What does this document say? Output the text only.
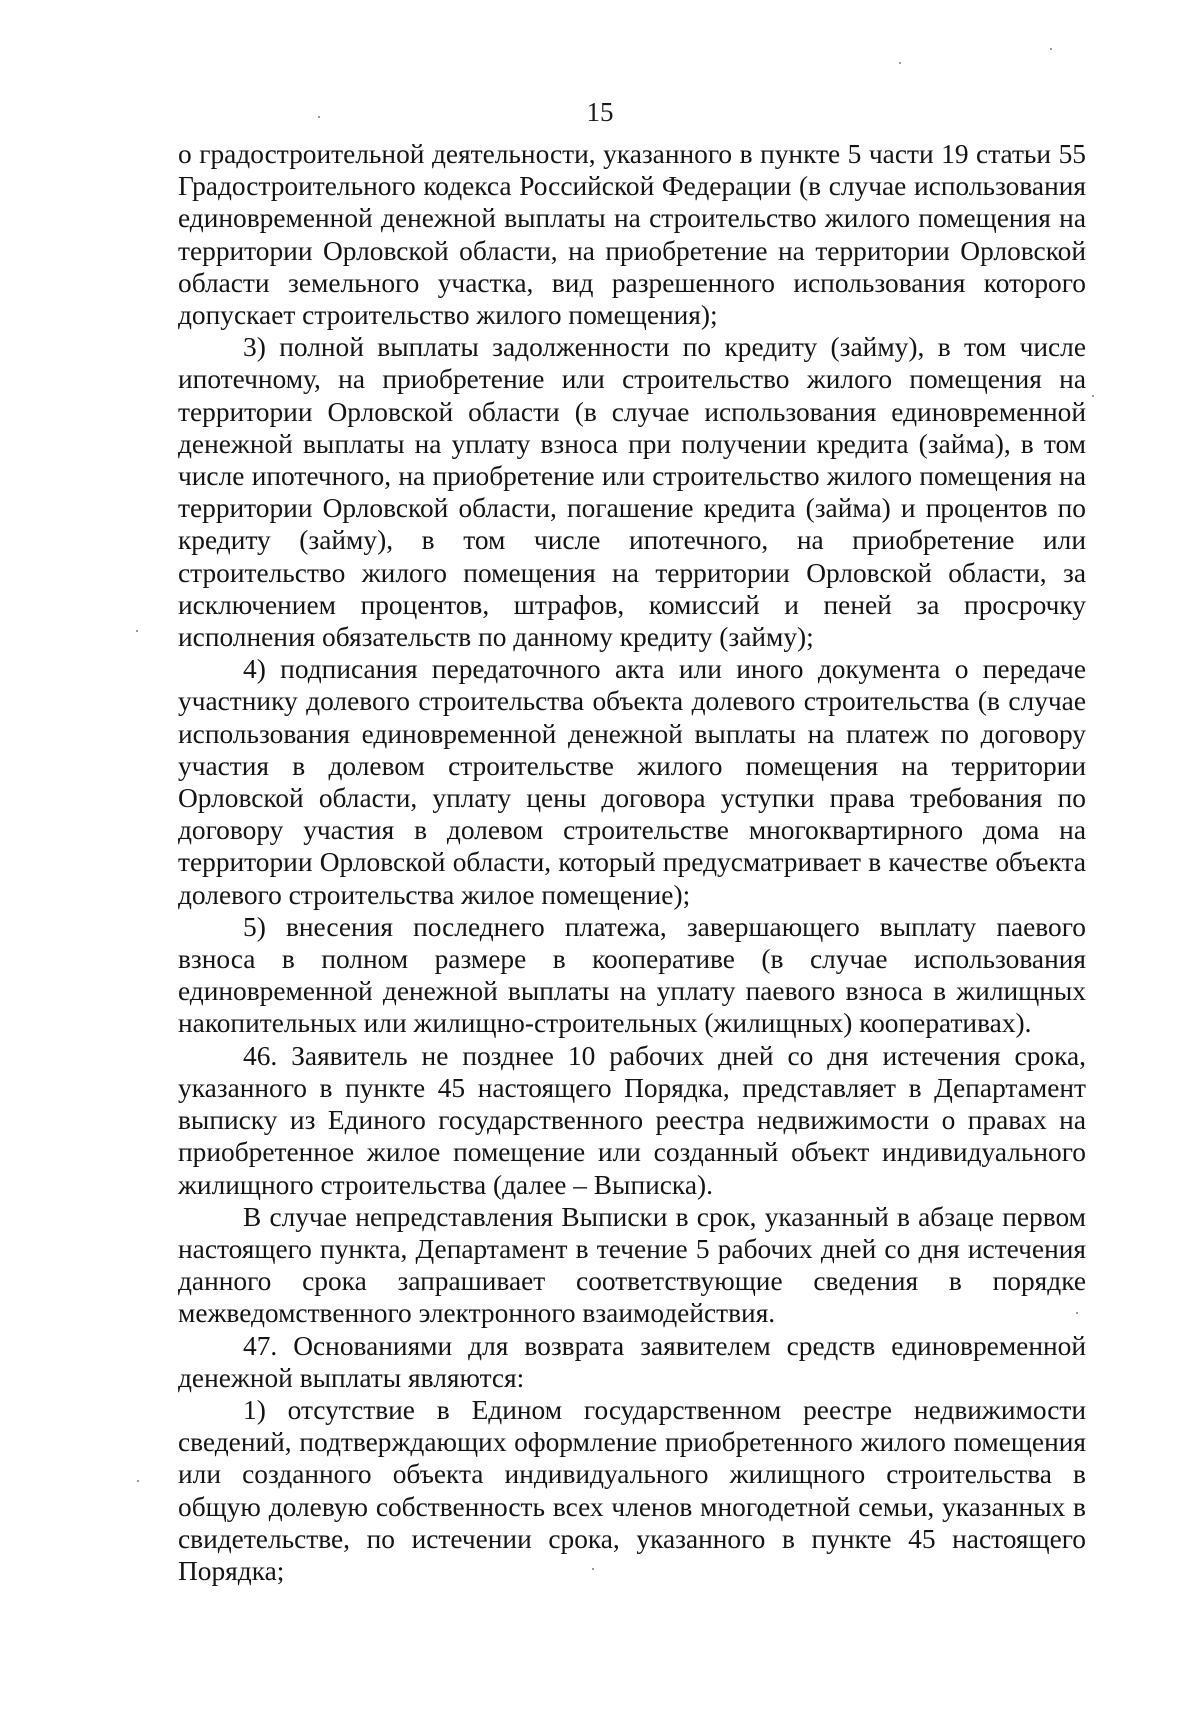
15

о градостроительной деятельности, указанного в пункте 5 части 19 статьи 55 Градостроительного кодекса Российской Федерации (в случае использования единовременной денежной выплаты на строительство жилого помещения на территории Орловской области, на приобретение на территории Орловской области земельного участка, вид разрешенного использования которого допускает строительство жилого помещения);

3) полной выплаты задолженности по кредиту (займу), в том числе ипотечному, на приобретение или строительство жилого помещения на территории Орловской области (в случае использования единовременной денежной выплаты на уплату взноса при получении кредита (займа), в том числе ипотечного, на приобретение или строительство жилого помещения на территории Орловской области, погашение кредита (займа) и процентов по кредиту (займу), в том числе ипотечного, на приобретение или строительство жилого помещения на территории Орловской области, за исключением процентов, штрафов, комиссий и пеней за просрочку исполнения обязательств по данному кредиту (займу);

4) подписания передаточного акта или иного документа о передаче участнику долевого строительства объекта долевого строительства (в случае использования единовременной денежной выплаты на платеж по договору участия в долевом строительстве жилого помещения на территории Орловской области, уплату цены договора уступки права требования по договору участия в долевом строительстве многоквартирного дома на территории Орловской области, который предусматривает в качестве объекта долевого строительства жилое помещение);

5) внесения последнего платежа, завершающего выплату паевого взноса в полном размере в кооперативе (в случае использования единовременной денежной выплаты на уплату паевого взноса в жилищных накопительных или жилищно-строительных (жилищных) кооперативах).

46. Заявитель не позднее 10 рабочих дней со дня истечения срока, указанного в пункте 45 настоящего Порядка, представляет в Департамент выписку из Единого государственного реестра недвижимости о правах на приобретенное жилое помещение или созданный объект индивидуального жилищного строительства (далее – Выписка).

В случае непредставления Выписки в срок, указанный в абзаце первом настоящего пункта, Департамент в течение 5 рабочих дней со дня истечения данного срока запрашивает соответствующие сведения в порядке межведомственного электронного взаимодействия.

47. Основаниями для возврата заявителем средств единовременной денежной выплаты являются:

1) отсутствие в Едином государственном реестре недвижимости сведений, подтверждающих оформление приобретенного жилого помещения или созданного объекта индивидуального жилищного строительства в общую долевую собственность всех членов многодетной семьи, указанных в свидетельстве, по истечении срока, указанного в пункте 45 настоящего Порядка;
